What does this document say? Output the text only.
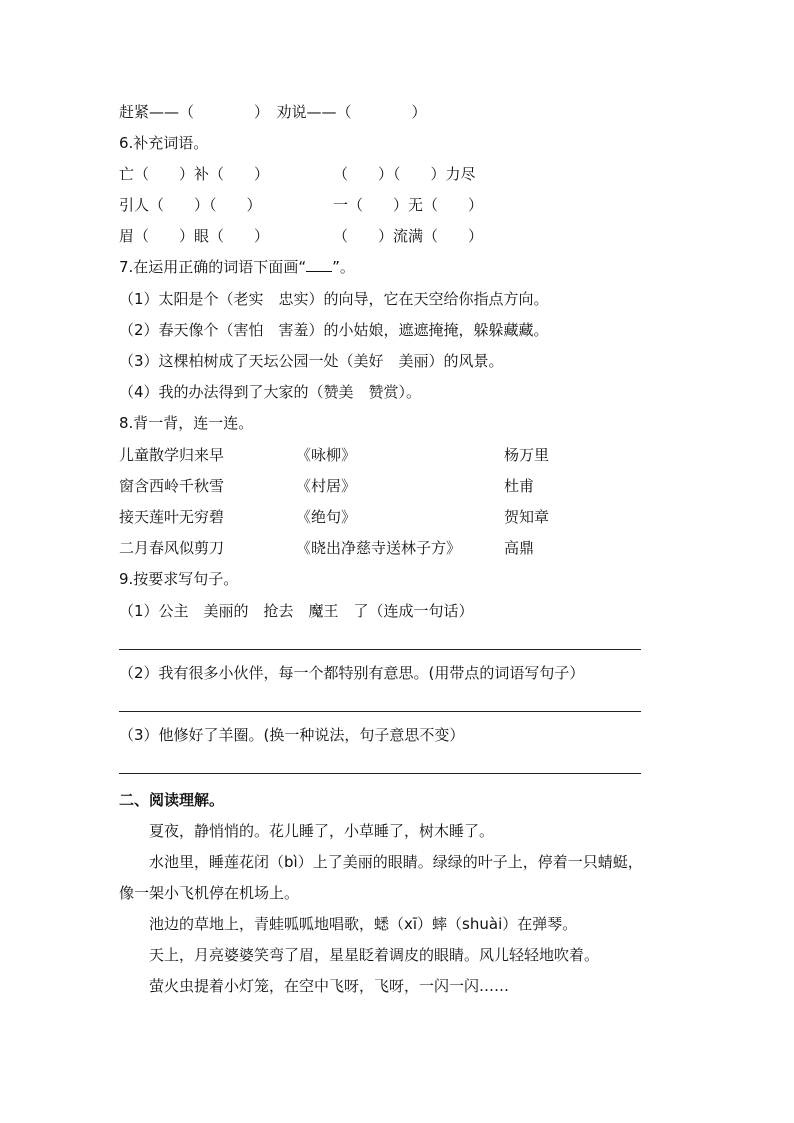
赶紧——（　　　　）　劝说——（　　　　）
6.补充词语。
亡（　　）补（　　）	（　　）（　　）力尽
引人（　　）（　　）	一（　　）无（　　）
眉（　　）眼（　　）	（　　）流满（　　）
7.在运用正确的词语下面画“ ”。
（1）太阳是个（老实　忠实）的向导，它在天空给你指点方向。
（2）春天像个（害怕　害羞）的小姑娘，遮遮掩掩，躲躲藏藏。
（3）这棵柏树成了天坛公园一处（美好　美丽）的风景。
（4）我的办法得到了大家的（赞美　赞赏）。
8.背一背，连一连。
儿童散学归来早	《咏柳》	杨万里
窗含西岭千秋雪	《村居》	杜甫
接天莲叶无穷碧	《绝句》	贺知章
二月春风似剪刀	《晓出净慈寺送林子方》	高鼎
9.按要求写句子。
（1）公主　美丽的　抢去　魔王　了（连成一句话）
（2）我有很多小伙伴，每一个都特别有意思。(用带点的词语写句子）
（3）他修好了羊圈。(换一种说法，句子意思不变）
二、阅读理解。
夏夜，静悄悄的。花儿睡了，小草睡了，树木睡了。
水池里，睡莲花闭（bì）上了美丽的眼睛。绿绿的叶子上，停着一只蜻蜓，
像一架小飞机停在机场上。
池边的草地上，青蛙呱呱地唱歌，蟋（xī）蟀（shuài）在弹琴。
天上，月亮婆婆笑弯了眉，星星眨着调皮的眼睛。风儿轻轻地吹着。
萤火虫提着小灯笼，在空中飞呀，飞呀，一闪一闪……
